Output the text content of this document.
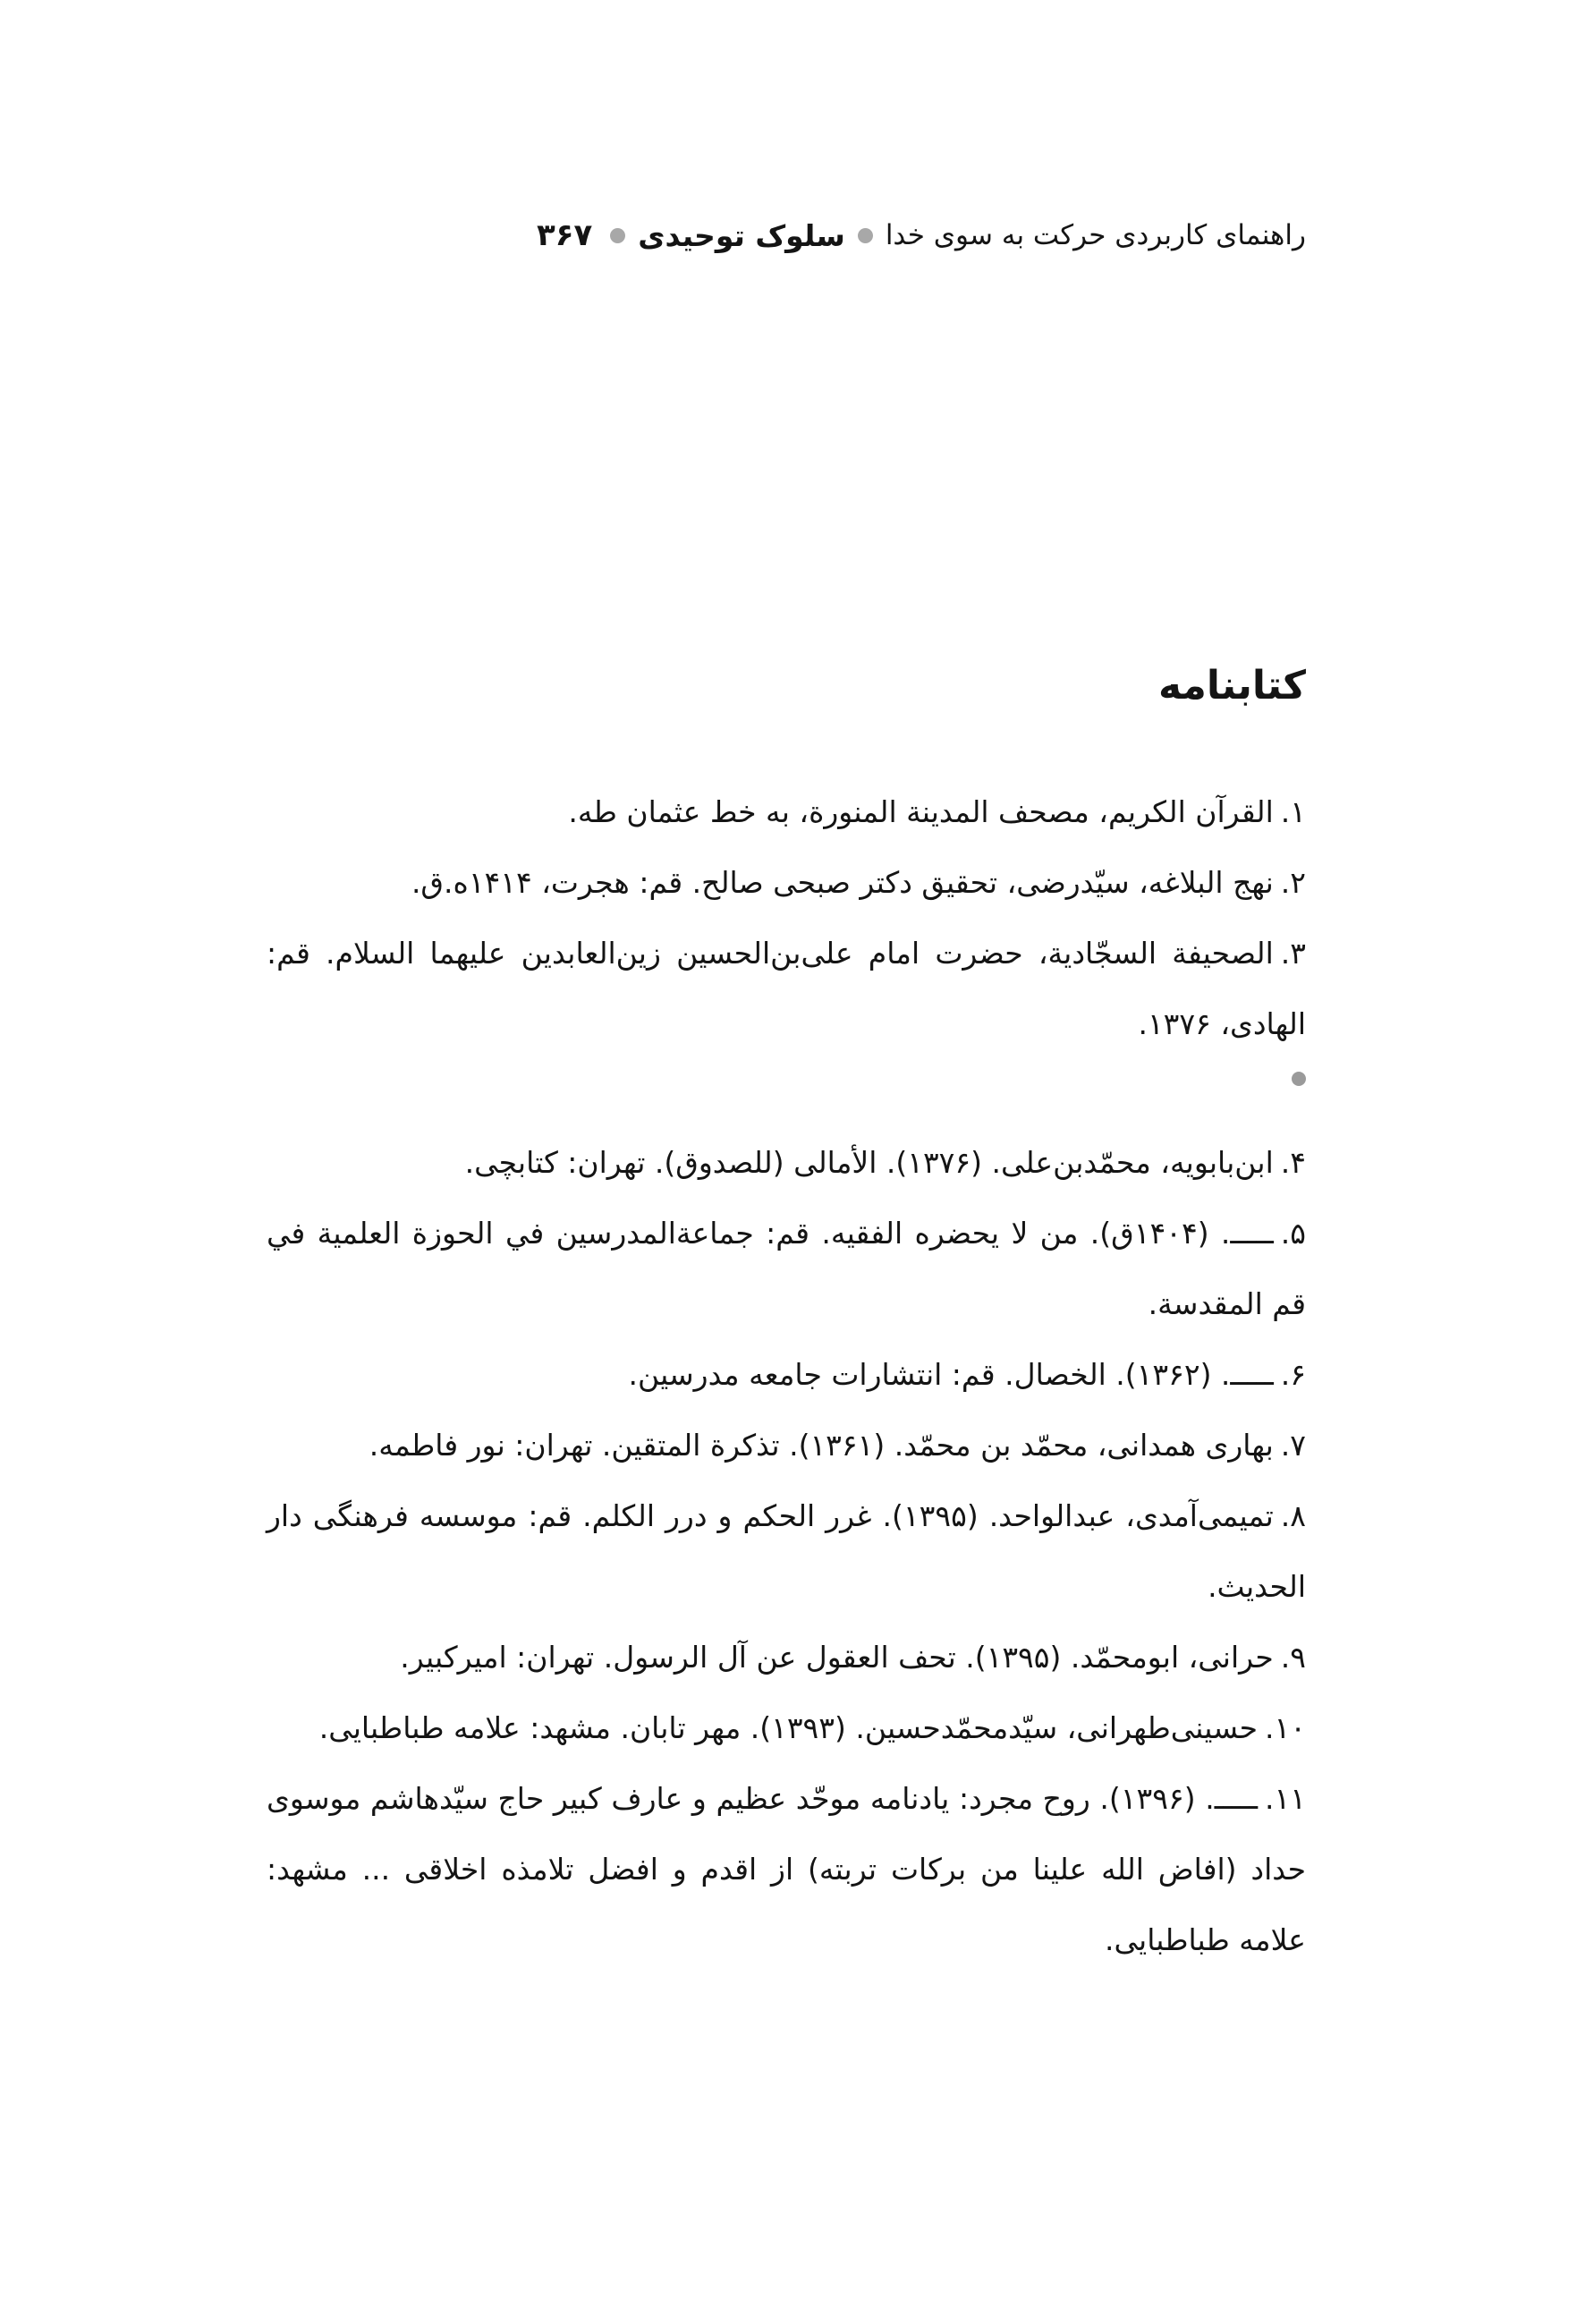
راهنمای کاربردی حرکت به سوی خدا
سلوک توحیدی
۳۶۷
کتابنامه

۱.القرآن الکریم، مصحف المدینة المنورة، به خط عثمان طه.

۲.نهج البلاغه، سیّدرضی، تحقیق دکتر صبحی صالح. قم: هجرت، ۱۴۱۴ه.ق.

۳.الصحیفة السجّادیة، حضرت امام علی‌بن‌الحسین زین‌العابدین علیهما السلام. قم: الهادی، ۱۳۷۶.

۴.ابن‌بابویه، محمّدبن‌علی. (۱۳۷۶). الأمالی (للصدوق). تهران: کتابچی.

۵.ـــــ. (۱۴۰۴ق). من لا یحضره الفقیه. قم: جماعة‌المدرسین في الحوزة العلمیة في قم المقدسة.

۶.ـــــ. (۱۳۶۲). الخصال. قم: انتشارات جامعه مدرسین.

۷.بهاری همدانی، محمّد بن محمّد. (۱۳۶۱). تذکرة المتقین. تهران: نور فاطمه.

۸.تمیمی‌آمدی، عبدالواحد. (۱۳۹۵). غرر الحکم و درر الکلم. قم: موسسه فرهنگی دار الحدیث.

۹.حرانی، ابومحمّد. (۱۳۹۵). تحف العقول عن آل الرسول. تهران: امیرکبیر.

۱۰.حسینی‌طهرانی، سیّدمحمّدحسین. (۱۳۹۳). مهر تابان. مشهد: علامه طباطبایی.

۱۱.ـــــ. (۱۳۹۶). روح مجرد: یادنامه موحّد عظیم و عارف کبیر حاج سیّدهاشم موسوی حداد (افاض الله علینا من برکات تربته) از اقدم و افضل تلامذه اخلاقی ... مشهد: علامه طباطبایی.
